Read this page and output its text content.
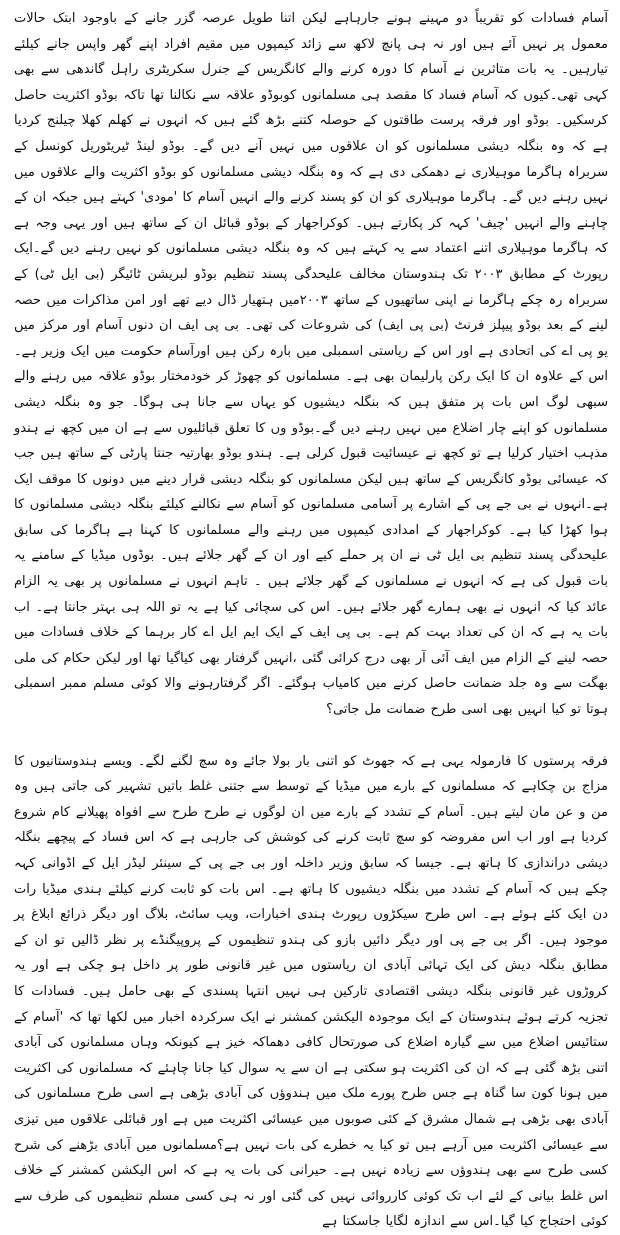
آسام فسادات کو تقریباً دو مہینے ہونے جارہاہے لیکن اتنا طویل عرصہ گزر جانے کے باوجود ابتک حالات معمول پر نہیں آئے ہیں اور نہ ہی پانچ لاکھ سے زائد کیمپوں میں مقیم افراد اپنے گھر واپس جانے کیلئے تیارہیں۔ یہ بات متاثرین نے آسام کا دورہ کرنے والے کانگریس کے جنرل سکریٹری راہل گاندھی سے بھی کہی تھی۔کیوں کہ آسام فساد کا مقصد ہی مسلمانوں کوبوڈو علاقہ سے نکالنا تھا تاکہ بوڈو اکثریت حاصل کرسکیں۔ بوڈو اور فرقہ پرست طاقتوں کے حوصلہ کتنے بڑھ گئے ہیں کہ انہوں نے کھلم کھلا چیلنج کردیا ہے کہ وہ بنگلہ دیشی مسلمانوں کو ان علاقوں میں نہیں آنے دیں گے۔ بوڈو لینڈ ٹیریٹوریل کونسل کے سربراہ ہاگرما موہیلاری نے دھمکی دی ہے کہ وہ بنگلہ دیشی مسلمانوں کو بوڈو اکثریت والے علاقوں میں نہیں رہنے دیں گے۔ ہاگرما موہیلاری کو ان کو پسند کرنے والے انہیں آسام کا 'مودی' کہتے ہیں جبکہ ان کے چاہنے والے انہیں 'چیف' کہہ کر پکارتے ہیں۔ کوکراجھار کے بوڈو قبائل ان کے ساتھ ہیں اور یہی وجہ ہے کہ ہاگرما موہیلاری اتنے اعتماد سے یہ کہتے ہیں کہ وہ بنگلہ دیشی مسلمانوں کو نہیں رہنے دیں گے۔ایک رپورٹ کے مطابق ۲۰۰۳ تک ہندوستان مخالف علیحدگی پسند تنظیم بوڈو لبریشن ٹائیگر (بی ایل ٹی) کے سربراہ رہ چکے ہاگرما نے اپنی ساتھیوں کے ساتھ ۲۰۰۳میں ہتھیار ڈال دیے تھے اور امن مذاکرات میں حصہ لینے کے بعد بوڈو پیپلز فرنٹ (بی پی ایف) کی شروعات کی تھی۔ بی پی ایف ان دنوں آسام اور مرکز میں یو پی اے کی اتحادی ہے اور اس کے ریاستی اسمبلی میں بارہ رکن ہیں اورآسام حکومت میں ایک وزیر ہے۔ اس کے علاوہ ان کا ایک رکن پارلیمان بھی ہے۔ مسلمانوں کو چھوڑ کر خودمختار بوڈو علاقہ میں رہنے والے سبھی لوگ اس بات پر متفق ہیں کہ بنگلہ دیشیوں کو یہاں سے جانا ہی ہوگا۔ جو وہ بنگلہ دیشی مسلمانوں کو اپنے چار اضلاع میں نہیں رہنے دیں گے۔بوڈو وں کا تعلق قبائلیوں سے ہے ان میں کچھ نے ہندو مذہب اختیار کرلیا ہے تو کچھ نے عیسائیت قبول کرلی ہے۔ ہندو بوڈو بھارتیہ جنتا پارٹی کے ساتھ ہیں جب کہ عیسائی بوڈو کانگریس کے ساتھ ہیں لیکن مسلمانوں کو بنگلہ دیشی قرار دینے میں دونوں کا موقف ایک ہے۔انہوں نے بی جے پی کے اشارے پر آسامی مسلمانوں کو آسام سے نکالنے کیلئے بنگلہ دیشی مسلمانوں کا ہوا کھڑا کیا ہے۔ کوکراجھار کے امدادی کیمپوں میں رہنے والے مسلمانوں کا کہنا ہے ہاگرما کی سابق علیحدگی پسند تنظیم بی ایل ٹی نے ان پر حملے کیے اور ان کے گھر جلائے ہیں۔ بوڈوں میڈیا کے سامنے یہ بات قبول کی ہے کہ انہوں نے مسلمانوں کے گھر جلائے ہیں ۔ تاہم انہوں نے مسلمانوں پر بھی یہ الزام عائد کیا کہ انہوں نے بھی ہمارے گھر جلائے ہیں۔ اس کی سچائی کیا ہے یہ تو اللہ ہی بہتر جانتا ہے۔ اب بات یہ ہے کہ ان کی تعداد بہت کم ہے۔ بی پی ایف کے ایک ایم ایل اے کار برہما کے خلاف فسادات میں حصہ لینے کے الزام میں ایف آئی آر بھی درج کرائی گئی ،انہیں گرفتار بھی کیاگیا تھا اور لیکن حکام کی ملی بھگت سے وہ جلد ضمانت حاصل کرنے میں کامیاب ہوگئے۔ اگر گرفتارہونے والا کوئی مسلم ممبر اسمبلی ہوتا تو کیا انہیں بھی اسی طرح ضمانت مل جاتی؟

فرقہ پرستوں کا فارمولہ یہی ہے کہ جھوٹ کو اتنی بار بولا جائے وہ سچ لگنے لگے۔ ویسے ہندوستانیوں کا مزاج بن چکاہے کہ مسلمانوں کے بارے میں میڈیا کے توسط سے جتنی غلط باتیں تشہیر کی جاتی ہیں وہ من و عن مان لیتے ہیں۔ آسام کے تشدد کے بارے میں ان لوگوں نے طرح طرح سے افواہ پھیلانے کام شروع کردیا ہے اور اب اس مفروضہ کو سچ ثابت کرنے کی کوشش کی جارہی ہے کہ اس فساد کے پیچھے بنگلہ دیشی دراندازی کا ہاتھ ہے۔ جیسا کہ سابق وزیر داخلہ اور بی جے پی کے سینئر لیڈر ایل کے اڈوانی کہہ چکے ہیں کہ آسام کے تشدد میں بنگلہ دیشیوں کا ہاتھ ہے۔ اس بات کو ثابت کرنے کیلئے ہندی میڈیا رات دن ایک کئے ہوئے ہے۔ اس طرح سیکڑوں رپورٹ ہندی اخبارات، ویب سائٹ، بلاگ اور دیگر ذرائع ابلاغ پر موجود ہیں۔ اگر بی جے پی اور دیگر دائیں بازو کی ہندو تنظیموں کے پروپیگنڈے پر نظر ڈالیں تو ان کے مطابق بنگلہ دیش کی ایک تہائی آبادی ان ریاستوں میں غیر قانونی طور پر داخل ہو چکی ہے اور یہ کروڑوں غیر قانونی بنگلہ دیشی اقتصادی تارکین ہی نہیں انتہا پسندی کے بھی حامل ہیں۔ فسادات کا تجزیہ کرتے ہوئے ہندوستان کے ایک موجودہ الیکشن کمشنر نے ایک سرکردہ اخبار میں لکھا تھا کہ 'آسام کے ستائیس اضلاع میں سے گیارہ اضلاع کی صورتحال کافی دھماکہ خیز ہے کیونکہ وہاں مسلمانوں کی آبادی اتنی بڑھ گئی ہے کہ ان کی اکثریت ہو سکتی ہے ان سے یہ سوال کیا جانا چاہئے کہ مسلمانوں کی اکثریت میں ہونا کون سا گناہ ہے جس طرح پورے ملک میں ہندوؤں کی آبادی بڑھی ہے اسی طرح مسلمانوں کی آبادی بھی بڑھی ہے شمال مشرق کے کئی صوبوں میں عیسائی اکثریت میں ہے اور قبائلی علاقوں میں تیزی سے عیسائی اکثریت میں آرہے ہیں تو کیا یہ خطرے کی بات نہیں ہے؟مسلمانوں میں آبادی بڑھنے کی شرح کسی طرح سے بھی ہندوؤں سے زیادہ نہیں ہے۔ حیرانی کی بات یہ ہے کہ اس الیکشن کمشنر کے خلاف اس غلط بیانی کے لئے اب تک کوئی کارروائی نہیں کی گئی اور نہ ہی کسی مسلم تنظیموں کی طرف سے کوئی احتجاج کیا گیا۔اس سے اندازہ لگایا جاسکتا ہے
